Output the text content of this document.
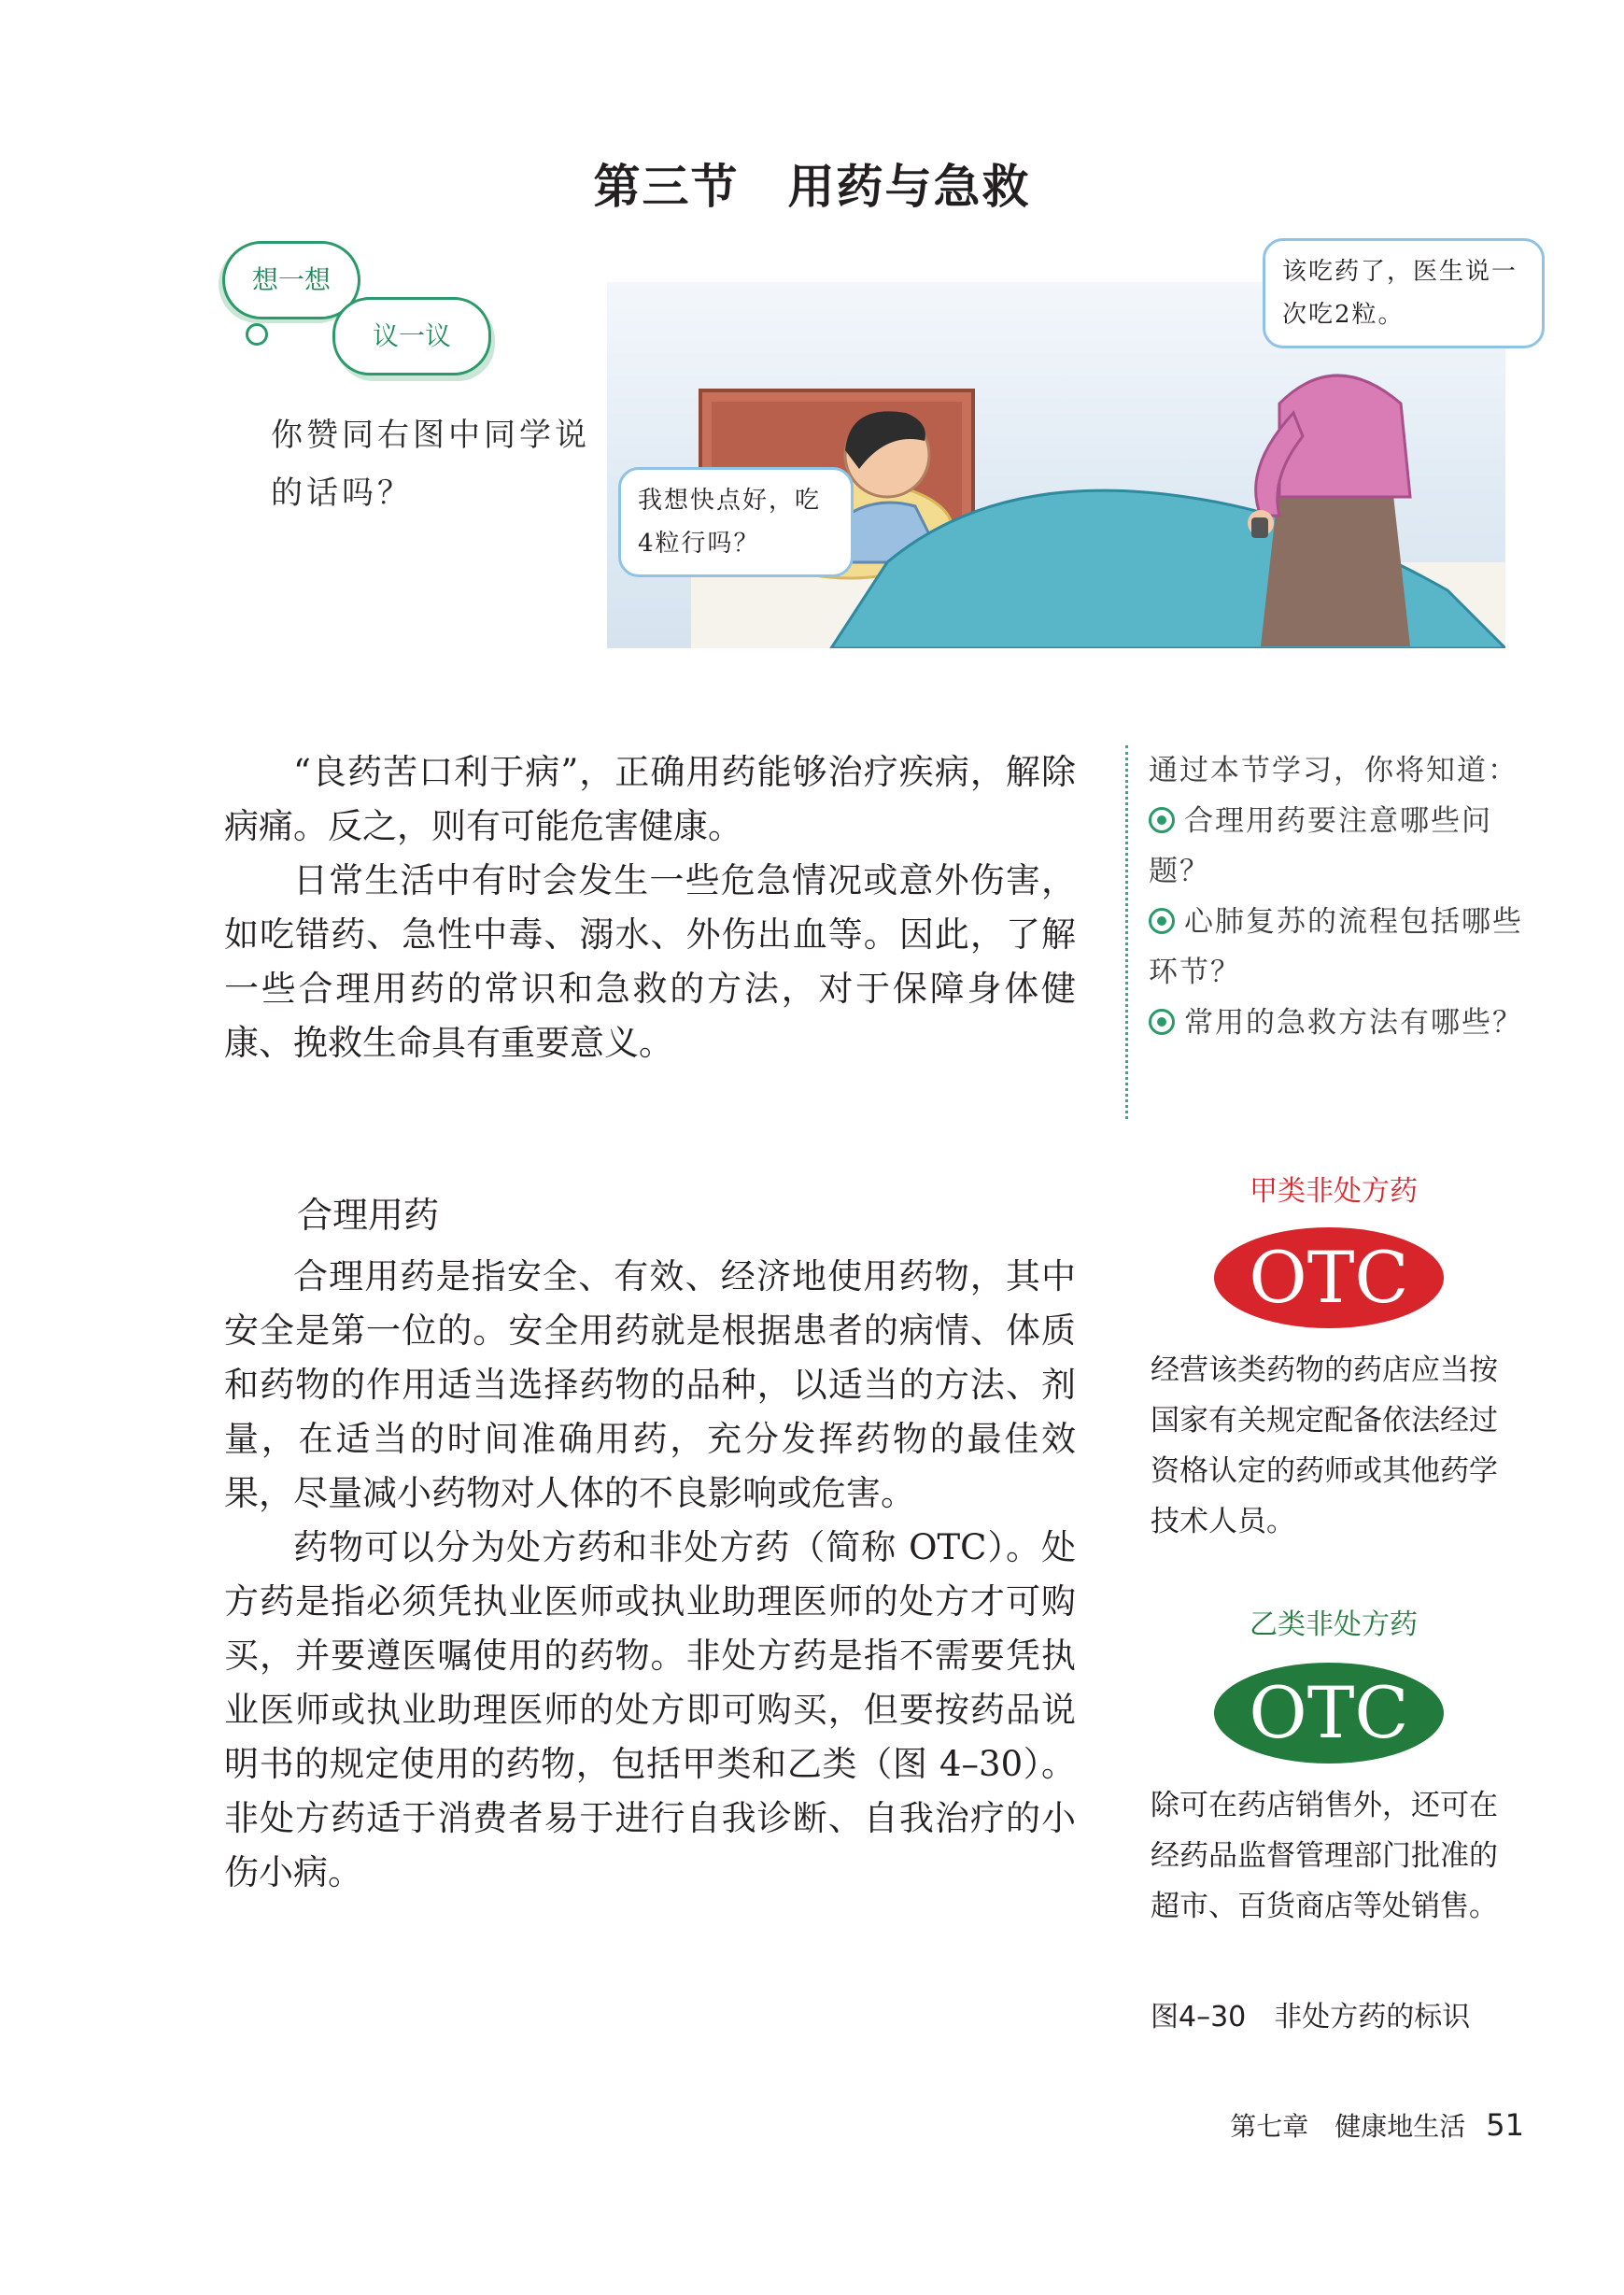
第三节　用药与急救
想一想
议一议
你赞同右图中同学说的话吗？
该吃药了，医生说一次吃2粒。
我想快点好，吃4粒行吗？

“良药苦口利于病”，正确用药能够治疗疾病，解除病痛。反之，则有可能危害健康。

日常生活中有时会发生一些危急情况或意外伤害，如吃错药、急性中毒、溺水、外伤出血等。因此，了解一些合理用药的常识和急救的方法，对于保障身体健康、挽救生命具有重要意义。

通过本节学习，你将知道：
合理用药要注意哪些问题？
心肺复苏的流程包括哪些环节？
常用的急救方法有哪些？
合理用药

合理用药是指安全、有效、经济地使用药物，其中安全是第一位的。安全用药就是根据患者的病情、体质和药物的作用适当选择药物的品种，以适当的方法、剂量，在适当的时间准确用药，充分发挥药物的最佳效果，尽量减小药物对人体的不良影响或危害。

药物可以分为处方药和非处方药（简称 OTC）。处方药是指必须凭执业医师或执业助理医师的处方才可购买，并要遵医嘱使用的药物。非处方药是指不需要凭执业医师或执业助理医师的处方即可购买，但要按药品说明书的规定使用的药物，包括甲类和乙类（图 4–30）。非处方药适于消费者易于进行自我诊断、自我治疗的小伤小病。

甲类非处方药
OTC
经营该类药物的药店应当按国家有关规定配备依法经过资格认定的药师或其他药学技术人员。
乙类非处方药
OTC
除可在药店销售外，还可在经药品监督管理部门批准的超市、百货商店等处销售。
图4–30　非处方药的标识
第七章　健康地生活 51
